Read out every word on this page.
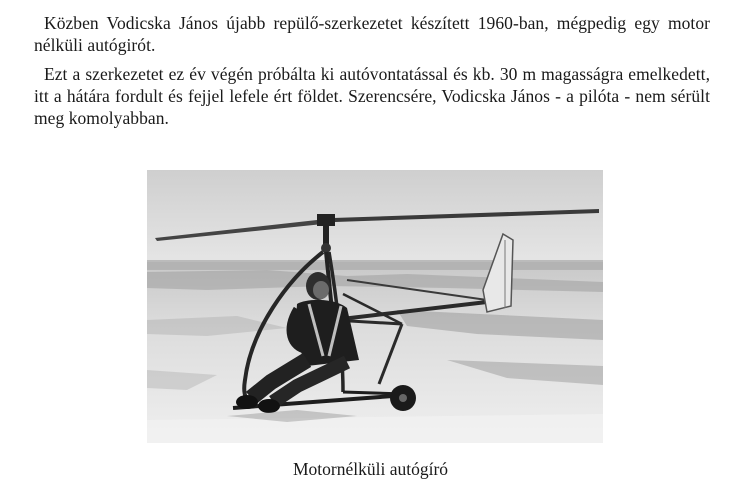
Közben Vodicska János újabb repülő-szerkezetet készített 1960-ban, mégpedig egy motor nélküli autógirót.

Ezt a szerkezetet ez év végén próbálta ki autóvontatással és kb. 30 m magasságra emelkedett, itt a hátára fordult és fejjel lefele ért földet. Szerencsére, Vodicska János - a pilóta - nem sérült meg komolyabban.

Motornélküli autógíró
